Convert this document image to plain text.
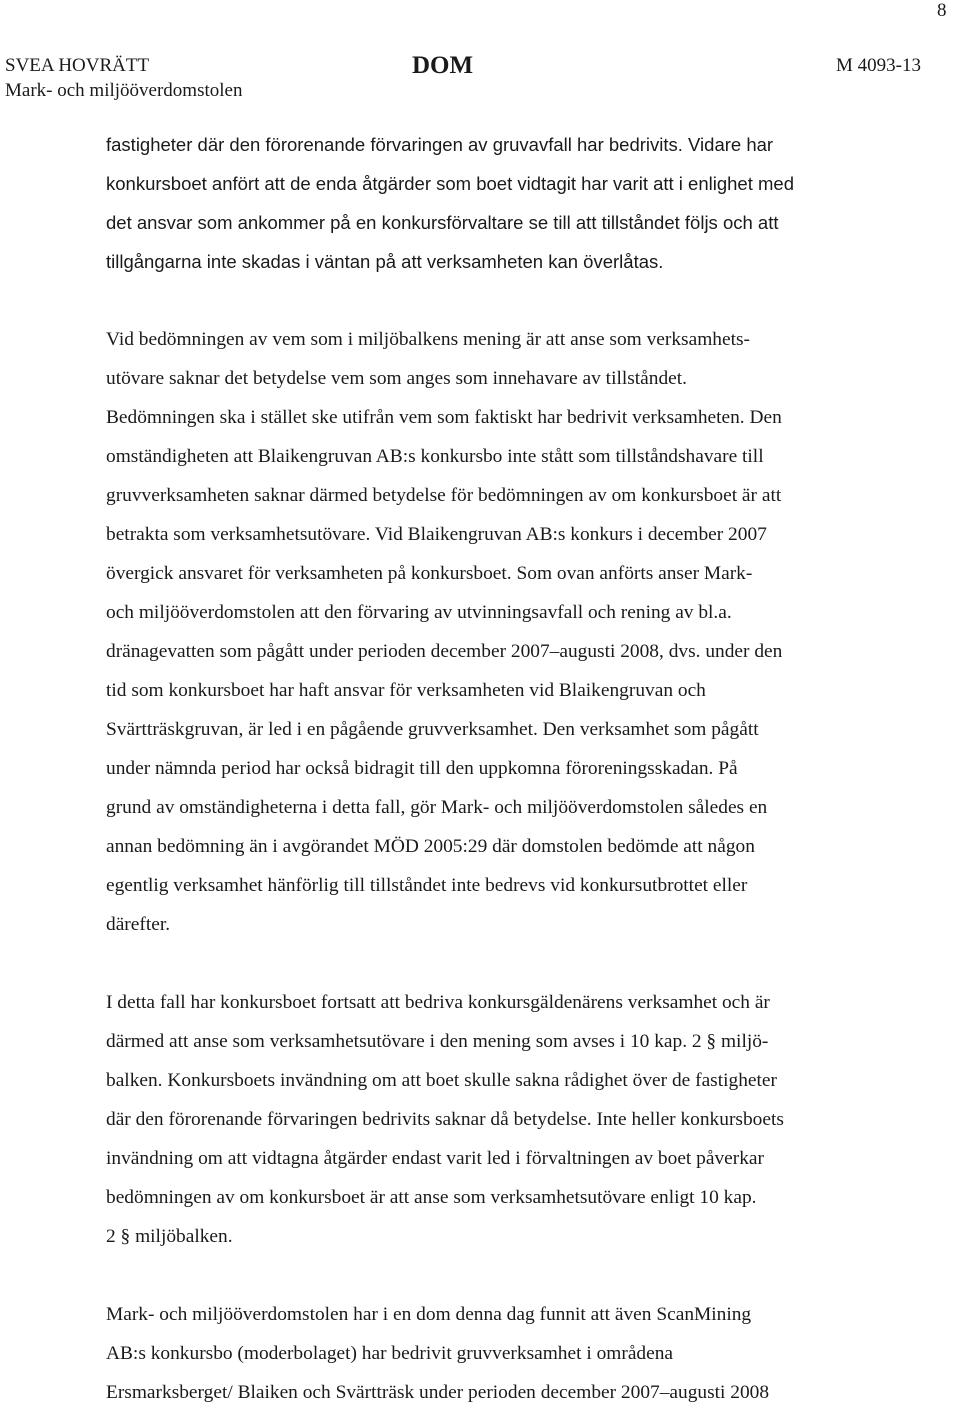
8
SVEA HOVRÄTT
Mark- och miljööverdomstolen
DOM	M 4093-13
fastigheter där den förorenande förvaringen av gruvavfall har bedrivits. Vidare har
konkursboet anfört att de enda åtgärder som boet vidtagit har varit att i enlighet med
det ansvar som ankommer på en konkursförvaltare se till att tillståndet följs och att
tillgångarna inte skadas i väntan på att verksamheten kan överlåtas.
Vid bedömningen av vem som i miljöbalkens mening är att anse som verksamhets-
utövare saknar det betydelse vem som anges som innehavare av tillståndet.
Bedömningen ska i stället ske utifrån vem som faktiskt har bedrivit verksamheten. Den
omständigheten att Blaikengruvan AB:s konkursbo inte stått som tillståndshavare till
gruvverksamheten saknar därmed betydelse för bedömningen av om konkursboet är att
betrakta som verksamhetsutövare. Vid Blaikengruvan AB:s konkurs i december 2007
övergick ansvaret för verksamheten på konkursboet. Som ovan anförts anser Mark-
och miljööverdomstolen att den förvaring av utvinningsavfall och rening av bl.a.
dränagevatten som pågått under perioden december 2007–augusti 2008, dvs. under den
tid som konkursboet har haft ansvar för verksamheten vid Blaikengruvan och
Svärtträskgruvan, är led i en pågående gruvverksamhet. Den verksamhet som pågått
under nämnda period har också bidragit till den uppkomna föroreningsskadan. På
grund av omständigheterna i detta fall, gör Mark- och miljööverdomstolen således en
annan bedömning än i avgörandet MÖD 2005:29 där domstolen bedömde att någon
egentlig verksamhet hänförlig till tillståndet inte bedrevs vid konkursutbrottet eller
därefter.
I detta fall har konkursboet fortsatt att bedriva konkursgäldenärens verksamhet och är
därmed att anse som verksamhetsutövare i den mening som avses i 10 kap. 2 § miljö-
balken. Konkursboets invändning om att boet skulle sakna rådighet över de fastigheter
där den förorenande förvaringen bedrivits saknar då betydelse. Inte heller konkursboets
invändning om att vidtagna åtgärder endast varit led i förvaltningen av boet påverkar
bedömningen av om konkursboet är att anse som verksamhetsutövare enligt 10 kap.
2 § miljöbalken.
Mark- och miljööverdomstolen har i en dom denna dag funnit att även ScanMining
AB:s konkursbo (moderbolaget) har bedrivit gruvverksamhet i områdena
Ersmarksberget/ Blaiken och Svärtträsk under perioden december 2007–augusti 2008
